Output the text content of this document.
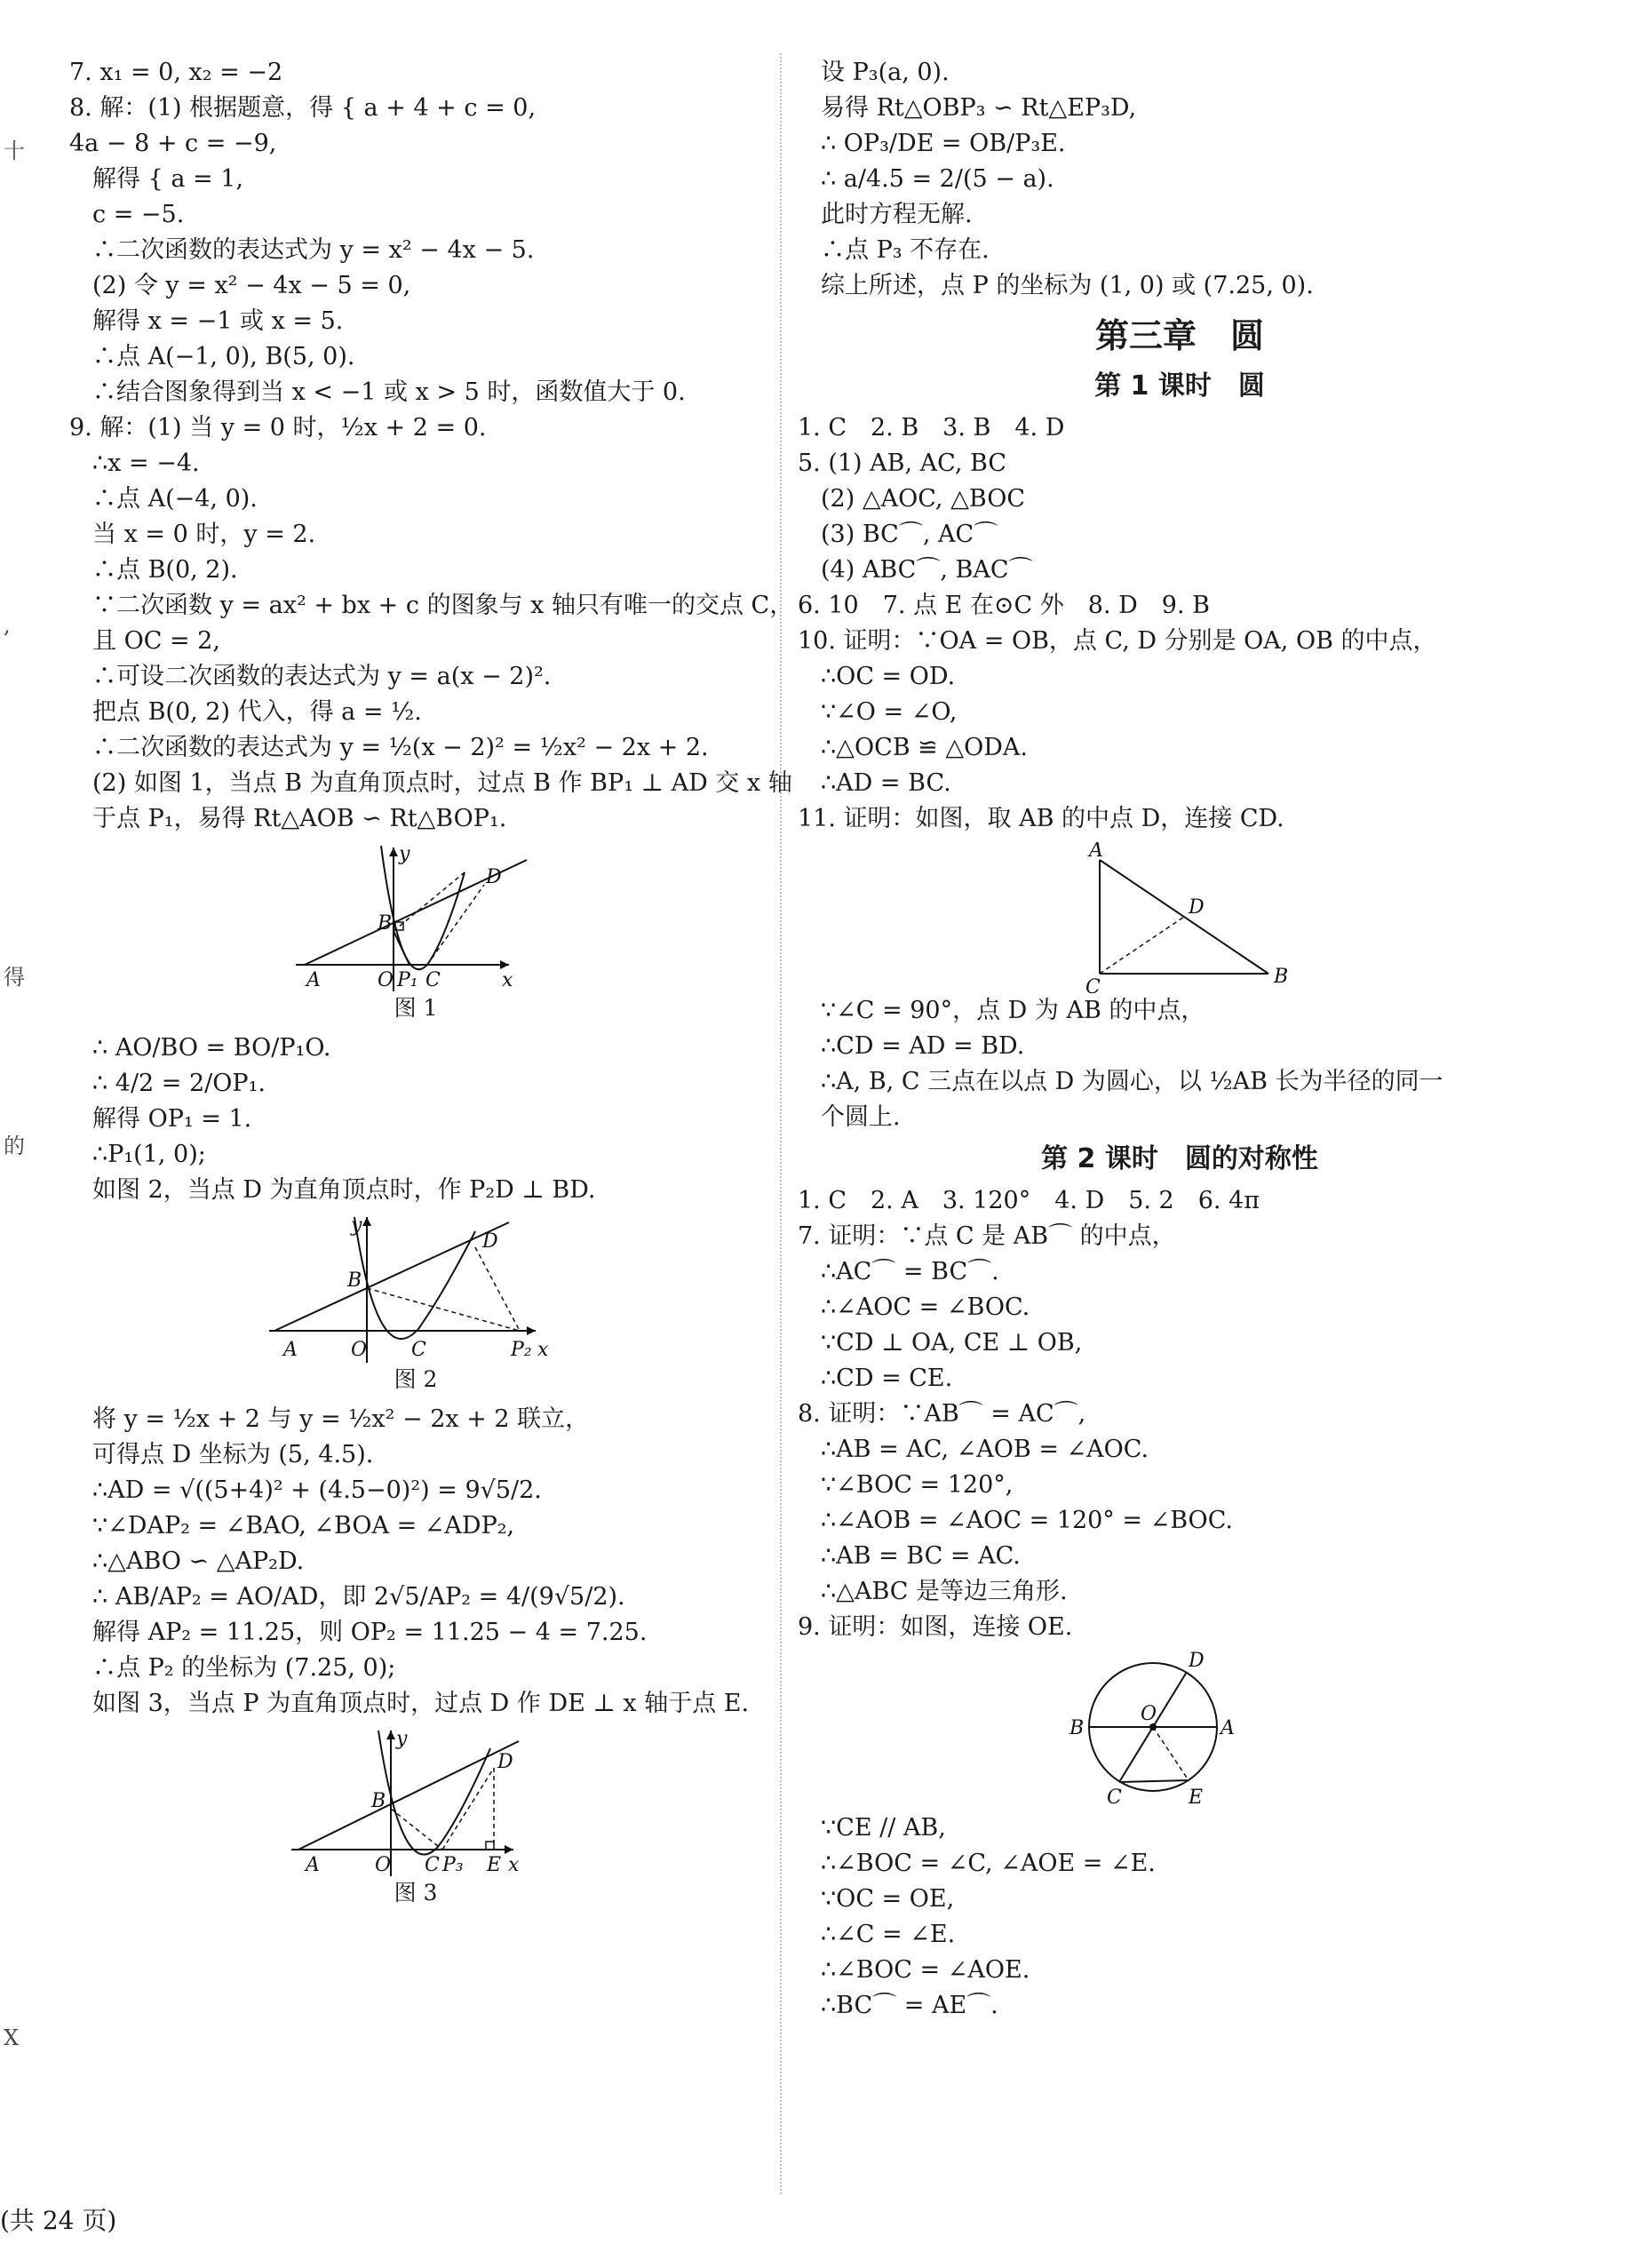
7. x₁ = 0, x₂ = −2
8. 解：(1) 根据题意，得 { a + 4 + c = 0,
4a − 8 + c = −9,
解得 { a = 1,
c = −5.
∴二次函数的表达式为 y = x² − 4x − 5.
(2) 令 y = x² − 4x − 5 = 0,
解得 x = −1 或 x = 5.
∴点 A(−1, 0), B(5, 0).
∴结合图象得到当 x < −1 或 x > 5 时，函数值大于 0.
9. 解：(1) 当 y = 0 时，½x + 2 = 0.
∴x = −4.
∴点 A(−4, 0).
当 x = 0 时，y = 2.
∴点 B(0, 2).
∵二次函数 y = ax² + bx + c 的图象与 x 轴只有唯一的交点 C，
且 OC = 2,
∴可设二次函数的表达式为 y = a(x − 2)².
把点 B(0, 2) 代入，得 a = ½.
∴二次函数的表达式为 y = ½(x − 2)² = ½x² − 2x + 2.
(2) 如图 1，当点 B 为直角顶点时，过点 B 作 BP₁ ⊥ AD 交 x 轴
于点 P₁，易得 Rt△AOB ∽ Rt△BOP₁.
A
B
O P₁ C	x
y
D
图 1
∴ AO/BO = BO/P₁O.
∴ 4/2 = 2/OP₁.
解得 OP₁ = 1.
∴P₁(1, 0);
如图 2，当点 D 为直角顶点时，作 P₂D ⊥ BD.
A
B
O C	P₂ x
y
D
图 2
将 y = ½x + 2 与 y = ½x² − 2x + 2 联立，
可得点 D 坐标为 (5, 4.5).
∴AD = √((5+4)² + (4.5−0)²) = 9√5/2.
∵∠DAP₂ = ∠BAO, ∠BOA = ∠ADP₂,
∴△ABO ∽ △AP₂D.
∴ AB/AP₂ = AO/AD，即 2√5/AP₂ = 4/(9√5/2).
解得 AP₂ = 11.25，则 OP₂ = 11.25 − 4 = 7.25.
∴点 P₂ 的坐标为 (7.25, 0);
如图 3，当点 P 为直角顶点时，过点 D 作 DE ⊥ x 轴于点 E.
A
B
O C P₃ E x
y
D
图 3
设 P₃(a, 0).
易得 Rt△OBP₃ ∽ Rt△EP₃D,
∴ OP₃/DE = OB/P₃E.
∴ a/4.5 = 2/(5 − a).
此时方程无解.
∴点 P₃ 不存在.
综上所述，点 P 的坐标为 (1, 0) 或 (7.25, 0).
第三章　圆
第 1 课时　圆
1. C　2. B　3. B　4. D
5. (1) AB, AC, BC
(2) △AOC, △BOC
(3) BC⌒, AC⌒
(4) ABC⌒, BAC⌒
6. 10　7. 点 E 在⊙C 外　8. D　9. B
10. 证明：∵OA = OB，点 C, D 分别是 OA, OB 的中点，
∴OC = OD.
∵∠O = ∠O,
∴△OCB ≌ △ODA.
∴AD = BC.
11. 证明：如图，取 AB 的中点 D，连接 CD.
A
D
C	B
∵∠C = 90°，点 D 为 AB 的中点，
∴CD = AD = BD.
∴A, B, C 三点在以点 D 为圆心，以 ½AB 长为半径的同一
个圆上.
第 2 课时　圆的对称性
1. C　2. A　3. 120°　4. D　5. 2　6. 4π
7. 证明：∵点 C 是 AB⌒ 的中点，
∴AC⌒ = BC⌒.
∴∠AOC = ∠BOC.
∵CD ⊥ OA, CE ⊥ OB,
∴CD = CE.
8. 证明：∵AB⌒ = AC⌒,
∴AB = AC, ∠AOB = ∠AOC.
∵∠BOC = 120°,
∴∠AOB = ∠AOC = 120° = ∠BOC.
∴AB = BC = AC.
∴△ABC 是等边三角形.
9. 证明：如图，连接 OE.
B	A
O
D
C	E
∵CE // AB,
∴∠BOC = ∠C, ∠AOE = ∠E.
∵OC = OE,
∴∠C = ∠E.
∴∠BOC = ∠AOE.
∴BC⌒ = AE⌒.
(共 24 页)
十
,
得
的
X
